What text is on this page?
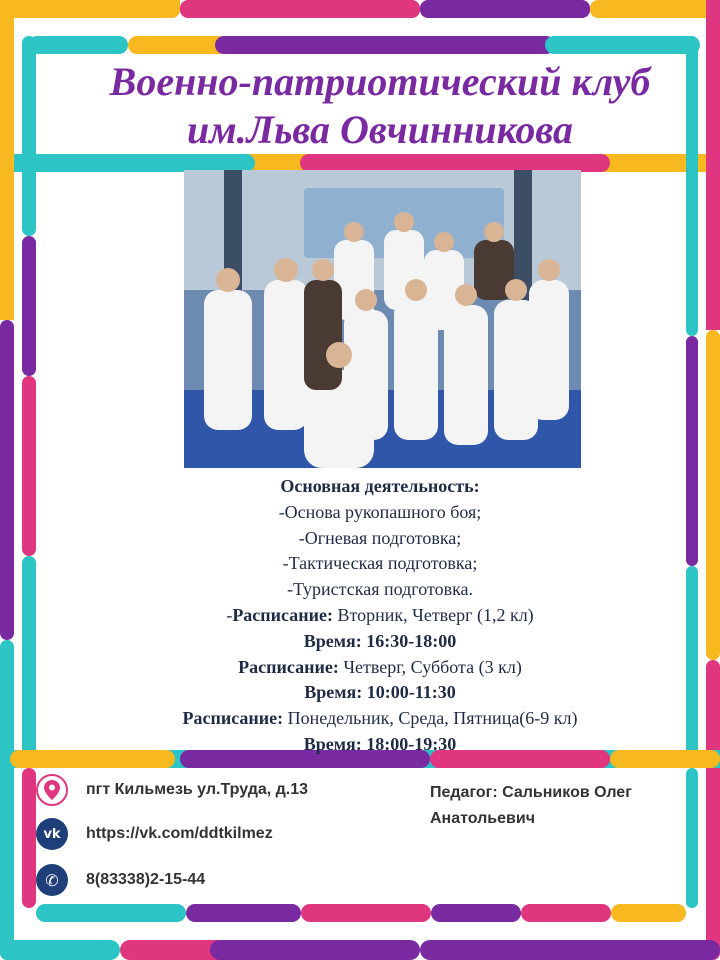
Военно-патриотический клуб
им.Льва Овчинникова
Основная деятельность:
-Основа рукопашного боя;
-Огневая подготовка;
-Тактическая подготовка;
-Туристская подготовка.
-Расписание: Вторник, Четверг (1,2 кл)
Время: 16:30-18:00
Расписание: Четверг, Суббота (3 кл)
Время: 10:00-11:30
Расписание: Понедельник, Среда, Пятница(6-9 кл)
Время: 18:00-19:30
пгт Кильмезь ул.Труда, д.13
vk https://vk.com/ddtkilmez
✆ 8(83338)2-15-44
Педагог: Сальников Олег
Анатольевич
